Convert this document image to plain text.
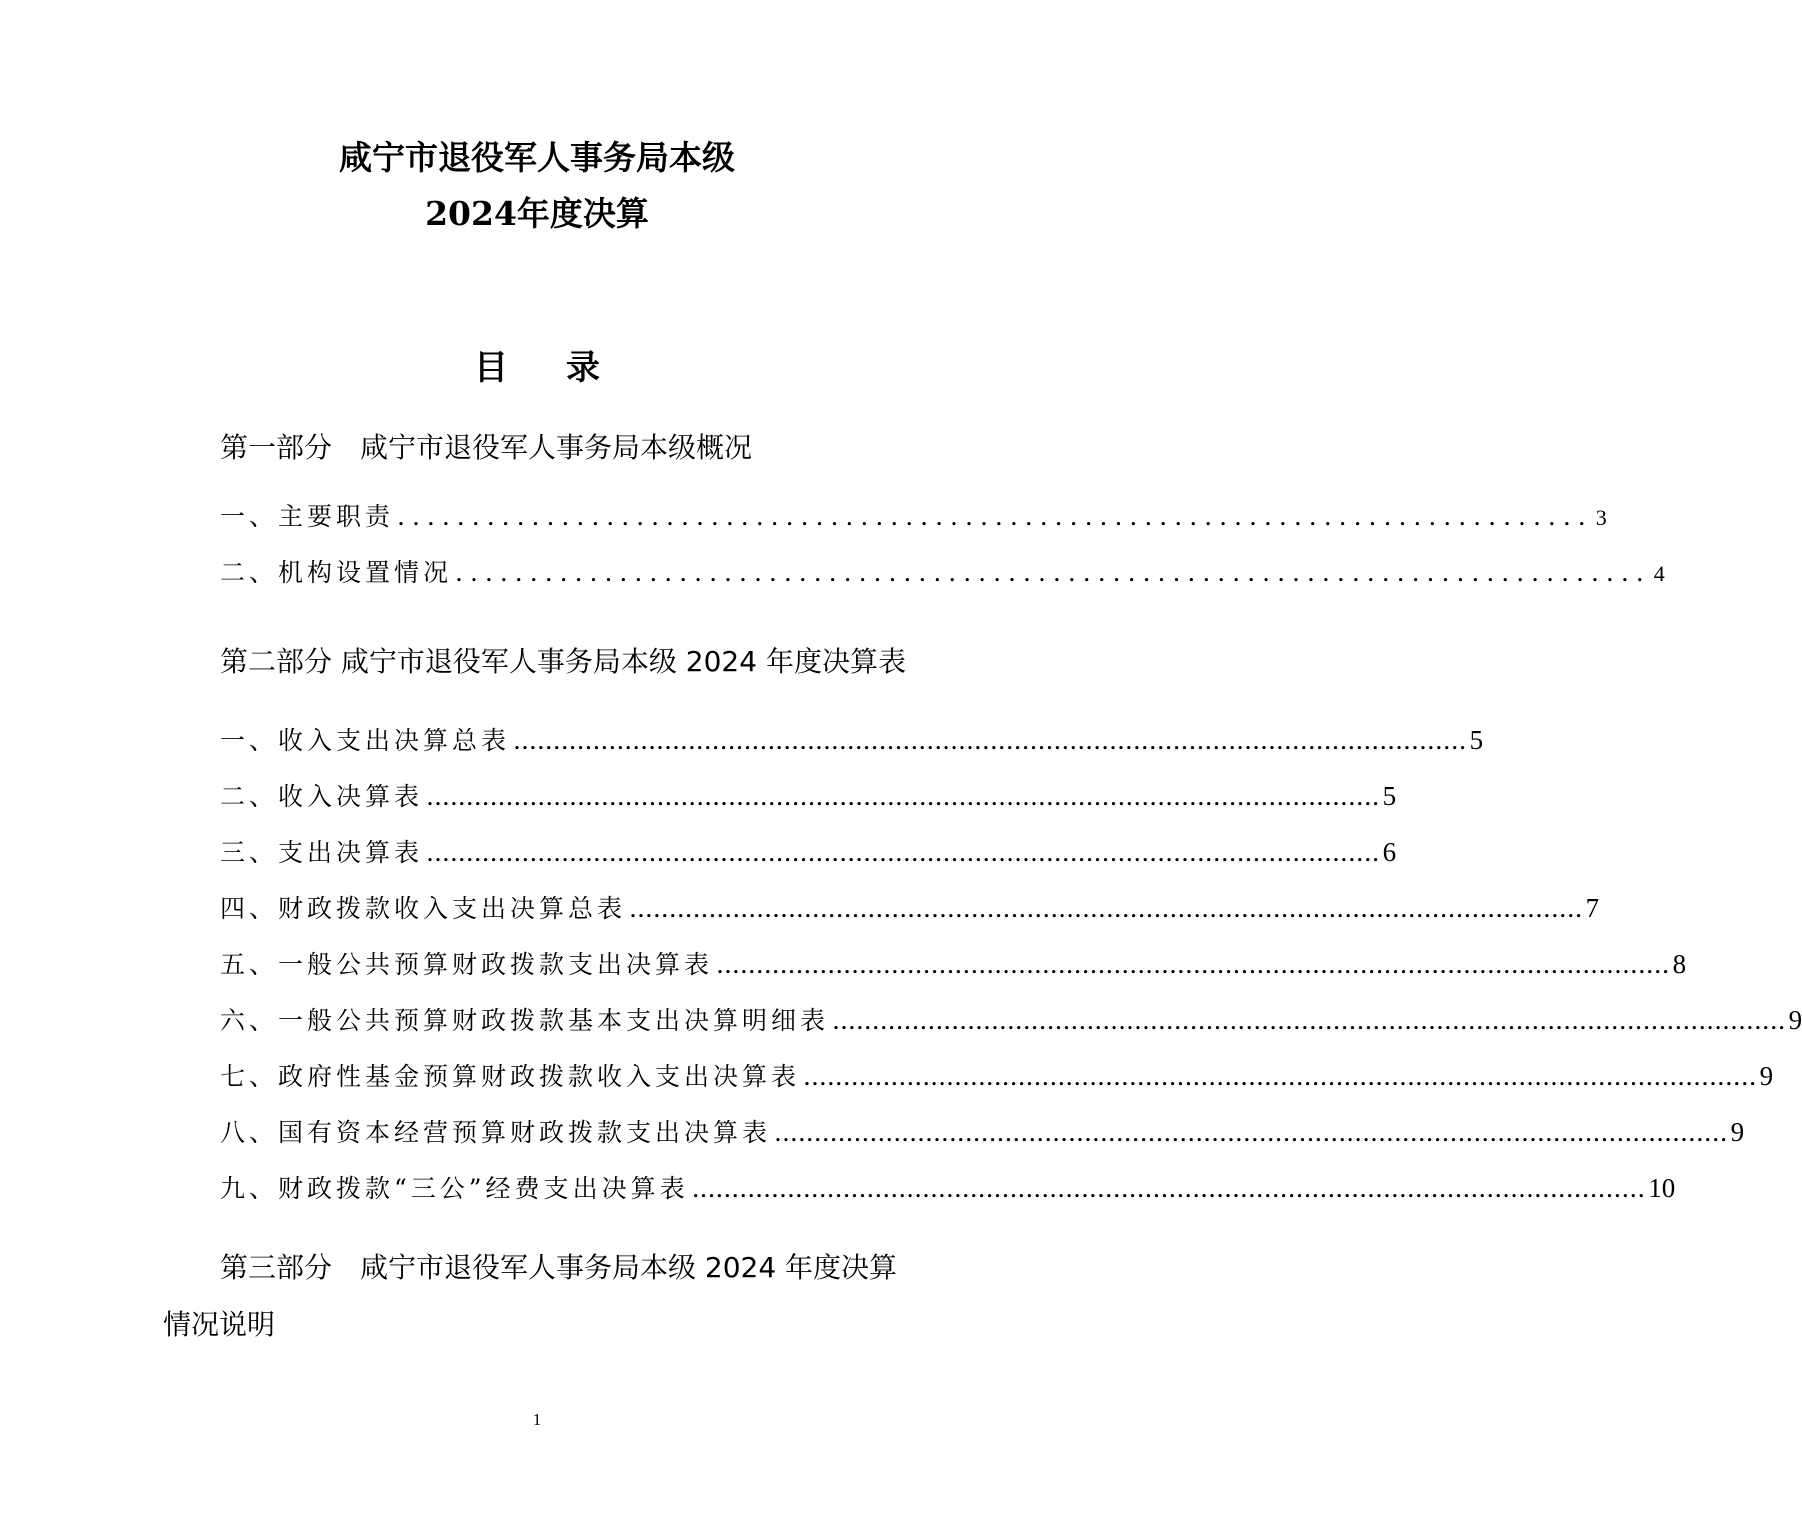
咸宁市退役军人事务局本级
2024年度决算
目录
第一部分　咸宁市退役军人事务局本级概况
一、主要职责 ................................................................................ 3
二、机构设置情况 ................................................................................ 4
第二部分 咸宁市退役军人事务局本级 2024 年度决算表
一、收入支出决算总表 ........................................................................................................................ 5
二、收入决算表 ........................................................................................................................ 5
三、支出决算表 ........................................................................................................................ 6
四、财政拨款收入支出决算总表 ........................................................................................................................ 7
五、一般公共预算财政拨款支出决算表 ........................................................................................................................ 8
六、一般公共预算财政拨款基本支出决算明细表 ........................................................................................................................ 9
七、政府性基金预算财政拨款收入支出决算表 ........................................................................................................................ 9
八、国有资本经营预算财政拨款支出决算表 ........................................................................................................................ 9
九、财政拨款“三公”经费支出决算表 ........................................................................................................................ 10
第三部分　咸宁市退役军人事务局本级 2024 年度决算
情况说明
1
